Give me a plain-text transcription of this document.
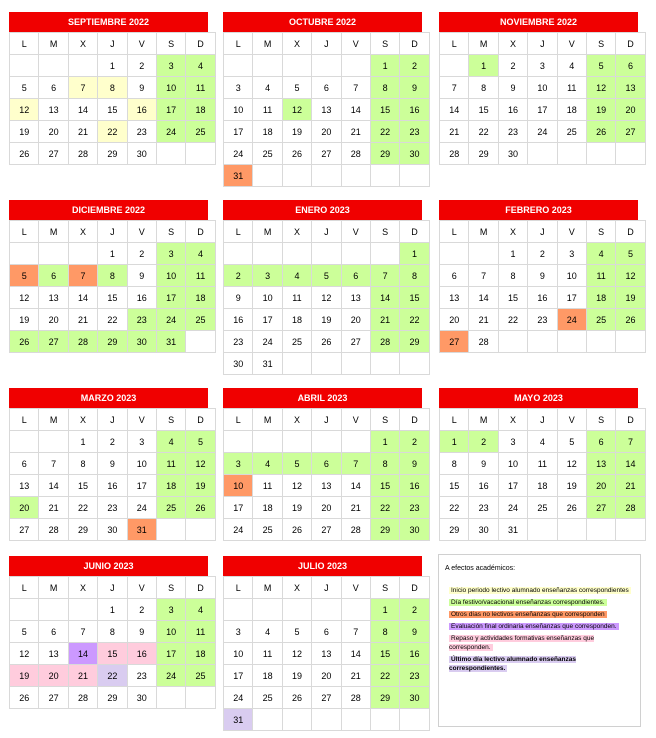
SEPTIEMBRE 2022
L	M	X	J	V	S	D
			1	2	3	4
5	6	7	8	9	10	11
12	13	14	15	16	17	18
19	20	21	22	23	24	25
26	27	28	29	30		
OCTUBRE 2022
L	M	X	J	V	S	D
					1	2
3	4	5	6	7	8	9
10	11	12	13	14	15	16
17	18	19	20	21	22	23
24	25	26	27	28	29	30
31						
NOVIEMBRE 2022
L	M	X	J	V	S	D
	1	2	3	4	5	6
7	8	9	10	11	12	13
14	15	16	17	18	19	20
21	22	23	24	25	26	27
28	29	30				
DICIEMBRE 2022
L	M	X	J	V	S	D
			1	2	3	4
5	6	7	8	9	10	11
12	13	14	15	16	17	18
19	20	21	22	23	24	25
26	27	28	29	30	31	
ENERO 2023
L	M	X	J	V	S	D
						1
2	3	4	5	6	7	8
9	10	11	12	13	14	15
16	17	18	19	20	21	22
23	24	25	26	27	28	29
30	31					
FEBRERO 2023
L	M	X	J	V	S	D
		1	2	3	4	5
6	7	8	9	10	11	12
13	14	15	16	17	18	19
20	21	22	23	24	25	26
27	28					
MARZO 2023
L	M	X	J	V	S	D
		1	2	3	4	5
6	7	8	9	10	11	12
13	14	15	16	17	18	19
20	21	22	23	24	25	26
27	28	29	30	31		
ABRIL 2023
L	M	X	J	V	S	D
					1	2
3	4	5	6	7	8	9
10	11	12	13	14	15	16
17	18	19	20	21	22	23
24	25	26	27	28	29	30
MAYO 2023
L	M	X	J	V	S	D
1	2	3	4	5	6	7
8	9	10	11	12	13	14
15	16	17	18	19	20	21
22	23	24	25	26	27	28
29	30	31				
JUNIO 2023
L	M	X	J	V	S	D
			1	2	3	4
5	6	7	8	9	10	11
12	13	14	15	16	17	18
19	20	21	22	23	24	25
26	27	28	29	30		
JULIO 2023
L	M	X	J	V	S	D
					1	2
3	4	5	6	7	8	9
10	11	12	13	14	15	16
17	18	19	20	21	22	23
24	25	26	27	28	29	30
31						
A efectos académicos:
Inicio periodo lectivo alumnado enseñanzas correspondientes
Día festivo/vacacional enseñanzas correspondientes.
Otros días no lectivos enseñanzas que corresponden
Evaluación final ordinaria enseñanzas que corresponden.
Repaso y actividades formativas enseñanzas que corresponden.
Último día lectivo alumnado enseñanzas correspondientes.
